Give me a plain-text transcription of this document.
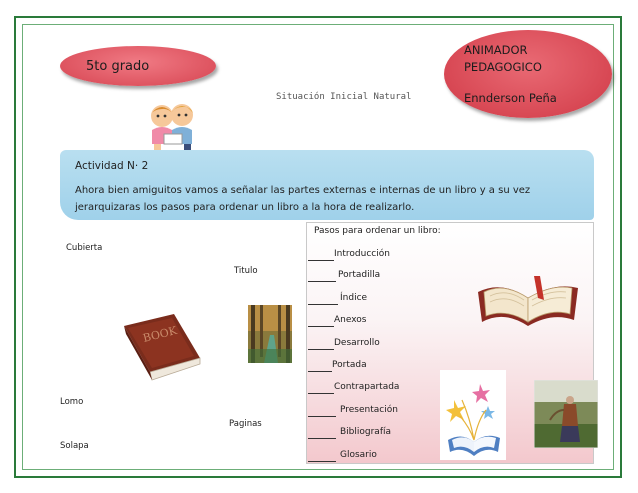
5to grado
ANIMADOR PEDAGOGICO
Ennderson Peña
Situación Inicial Natural
Actividad N· 2
Ahora bien amiguitos vamos a señalar las partes externas e internas de un libro y a su vez jerarquizaras los pasos para ordenar un libro a la hora de realizarlo.
Cubierta
Titulo
Lomo
Paginas
Solapa
BOOK
Pasos para ordenar un libro:
Introducción
Portadilla
Índice
Anexos
Desarrollo
Portada
Contrapartada
Presentación
Bibliografía
Glosario
